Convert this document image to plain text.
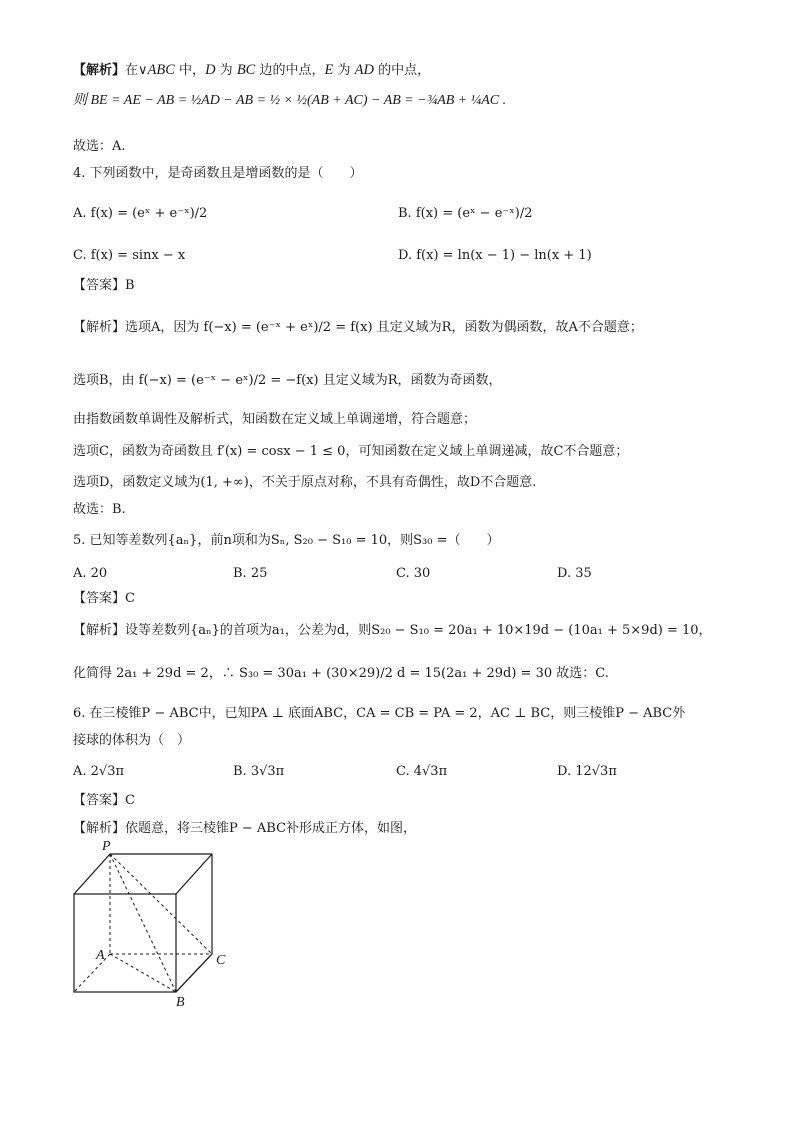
【解析】在∨ABC 中，D 为 BC 边的中点，E 为 AD 的中点，
则 BE = AE − AB = ½AD − AB = ½ × ½(AB + AC) − AB = −¾AB + ¼AC .
故选：A.
4. 下列函数中，是奇函数且是增函数的是（　　）
A. f(x) = (eˣ + e⁻ˣ)/2	B. f(x) = (eˣ − e⁻ˣ)/2
C. f(x) = sinx − x	D. f(x) = ln(x − 1) − ln(x + 1)
【答案】B
【解析】选项A，因为 f(−x) = (e⁻ˣ + eˣ)/2 = f(x) 且定义域为R，函数为偶函数，故A不合题意；
选项B，由 f(−x) = (e⁻ˣ − eˣ)/2 = −f(x) 且定义域为R，函数为奇函数，
由指数函数单调性及解析式，知函数在定义域上单调递增，符合题意；
选项C，函数为奇函数且 f′(x) = cosx − 1 ≤ 0，可知函数在定义域上单调递减，故C不合题意；
选项D，函数定义域为(1, +∞)，不关于原点对称，不具有奇偶性，故D不合题意.
故选：B.
5. 已知等差数列{aₙ}，前n项和为Sₙ, S₂₀ − S₁₀ = 10，则S₃₀ =（　　）
A. 20	B. 25	C. 30	D. 35
【答案】C
【解析】设等差数列{aₙ}的首项为a₁，公差为d，则S₂₀ − S₁₀ = 20a₁ + 10×19d − (10a₁ + 5×9d) = 10，
化简得 2a₁ + 29d = 2，∴ S₃₀ = 30a₁ + (30×29)/2 d = 15(2a₁ + 29d) = 30 故选：C.
6. 在三棱锥P − ABC中，已知PA ⊥ 底面ABC，CA = CB = PA = 2，AC ⊥ BC，则三棱锥P − ABC外
接球的体积为（　）
A. 2√3π	B. 3√3π	C. 4√3π	D. 12√3π
【答案】C
【解析】依题意，将三棱锥P − ABC补形成正方体，如图，
P
A	C
B
